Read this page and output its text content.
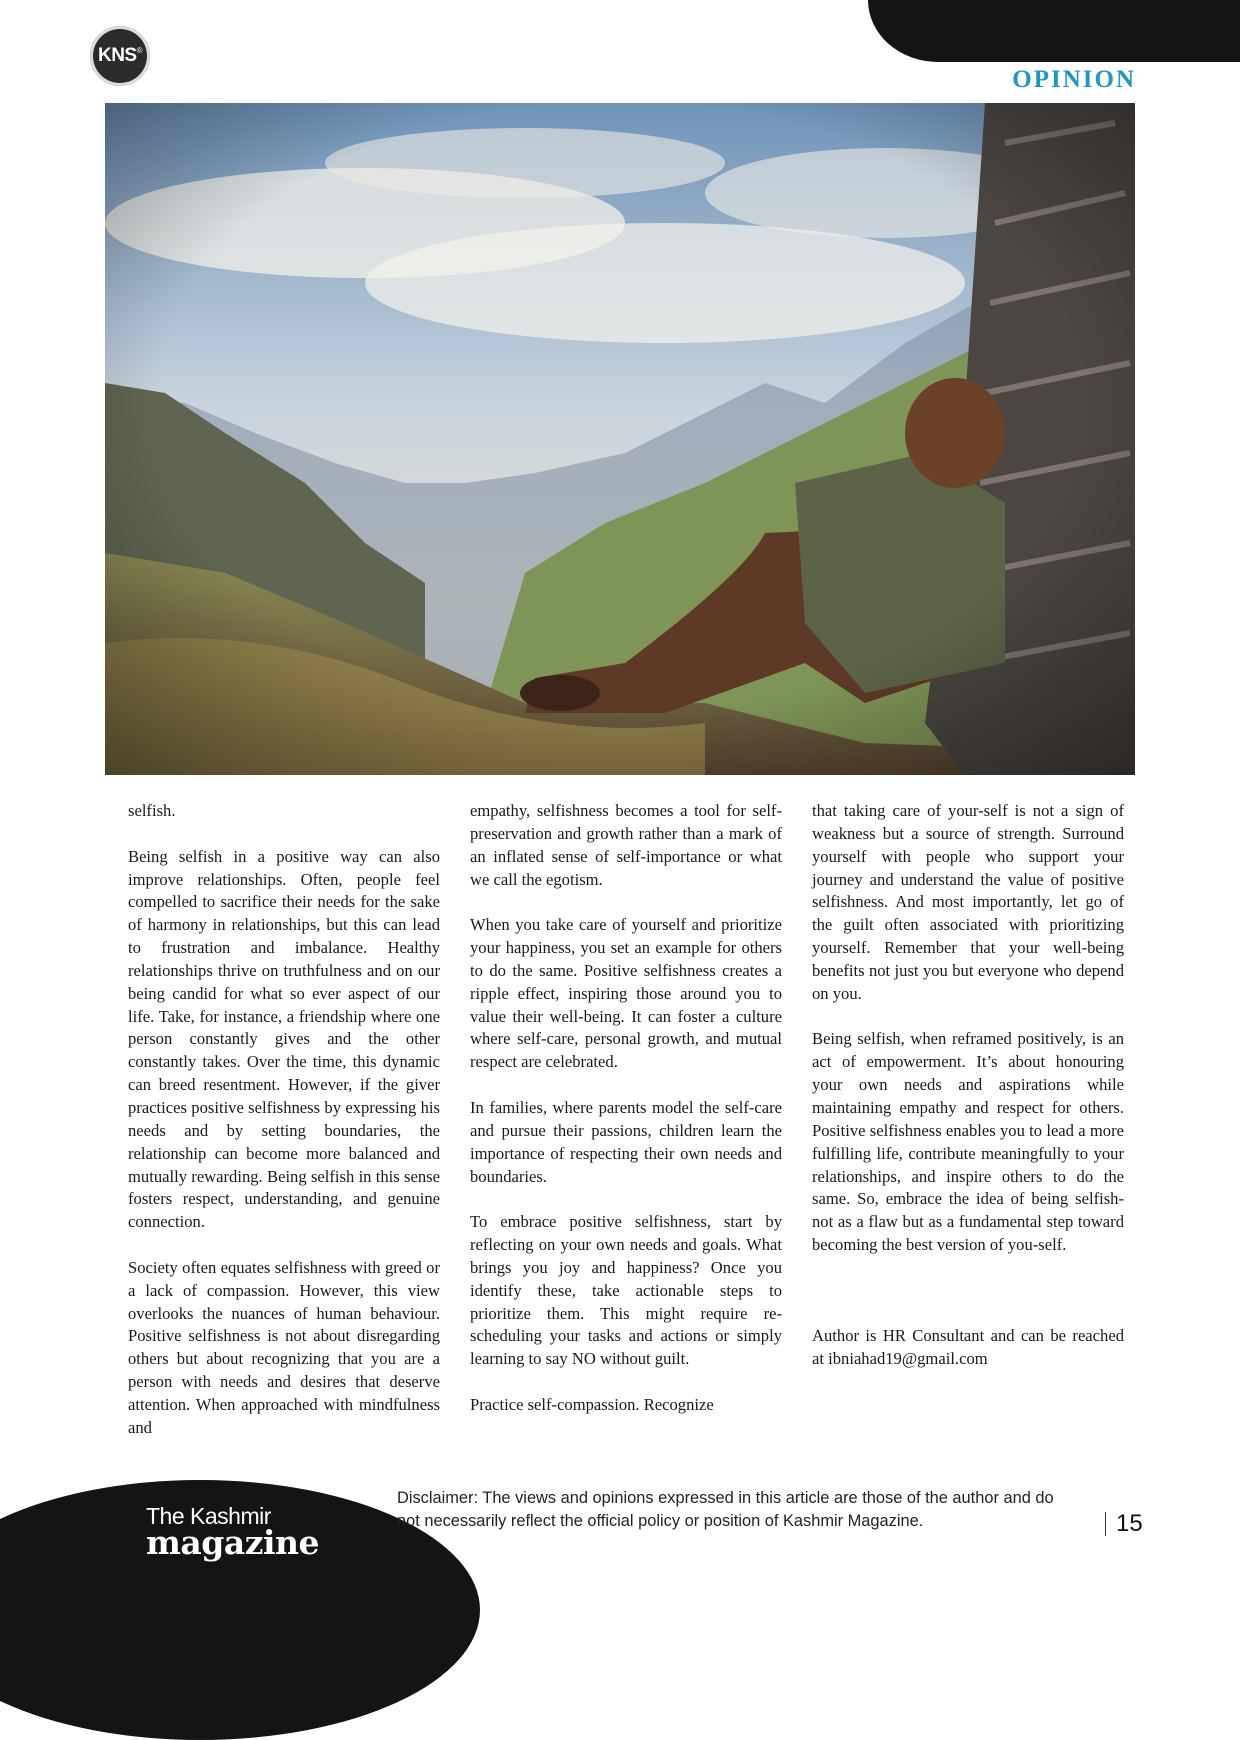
KNS®
OPINION

selfish.

Being selfish in a positive way can also improve relationships. Often, people feel compelled to sacrifice their needs for the sake of harmony in relationships, but this can lead to frustration and imbalance. Healthy relationships thrive on truthfulness and on our being candid for what so ever aspect of our life. Take, for instance, a friendship where one person constantly gives and the other constantly takes. Over the time, this dynamic can breed resentment. However, if the giver practices positive selfishness by expressing his needs and by setting boundaries, the relationship can become more balanced and mutually rewarding. Being selfish in this sense fosters respect, understanding, and genuine connection.

Society often equates selfishness with greed or a lack of compassion. However, this view overlooks the nuances of human behaviour. Positive selfishness is not about disregarding others but about recognizing that you are a person with needs and desires that deserve attention. When approached with mindfulness and

empathy, selfishness becomes a tool for self-preservation and growth rather than a mark of an inflated sense of self-importance or what we call the egotism.

When you take care of yourself and prioritize your happiness, you set an example for others to do the same. Positive selfishness creates a ripple effect, inspiring those around you to value their well-being. It can foster a culture where self-care, personal growth, and mutual respect are celebrated.

In families, where parents model the self-care and pursue their passions, children learn the importance of respecting their own needs and boundaries.

To embrace positive selfishness, start by reflecting on your own needs and goals. What brings you joy and happiness? Once you identify these, take actionable steps to prioritize them. This might require re- scheduling your tasks and actions or simply learning to say NO without guilt.

Practice self-compassion. Recognize

that taking care of your-self is not a sign of weakness but a source of strength. Surround yourself with people who support your journey and understand the value of positive selfishness. And most importantly, let go of the guilt often associated with prioritizing yourself. Remember that your well-being benefits not just you but everyone who depend on you.

Being selfish, when reframed positively, is an act of empowerment. It’s about honouring your own needs and aspirations while maintaining empathy and respect for others. Positive selfishness enables you to lead a more fulfilling life, contribute meaningfully to your relationships, and inspire others to do the same. So, embrace the idea of being selfish-not as a flaw but as a fundamental step toward becoming the best version of you-self.

Author is HR Consultant and can be reached at ibniahad19@gmail.com

The Kashmir
magazine
Disclaimer: The views and opinions expressed in this article are those of the author and do not necessarily reflect the official policy or position of Kashmir Magazine.	15
